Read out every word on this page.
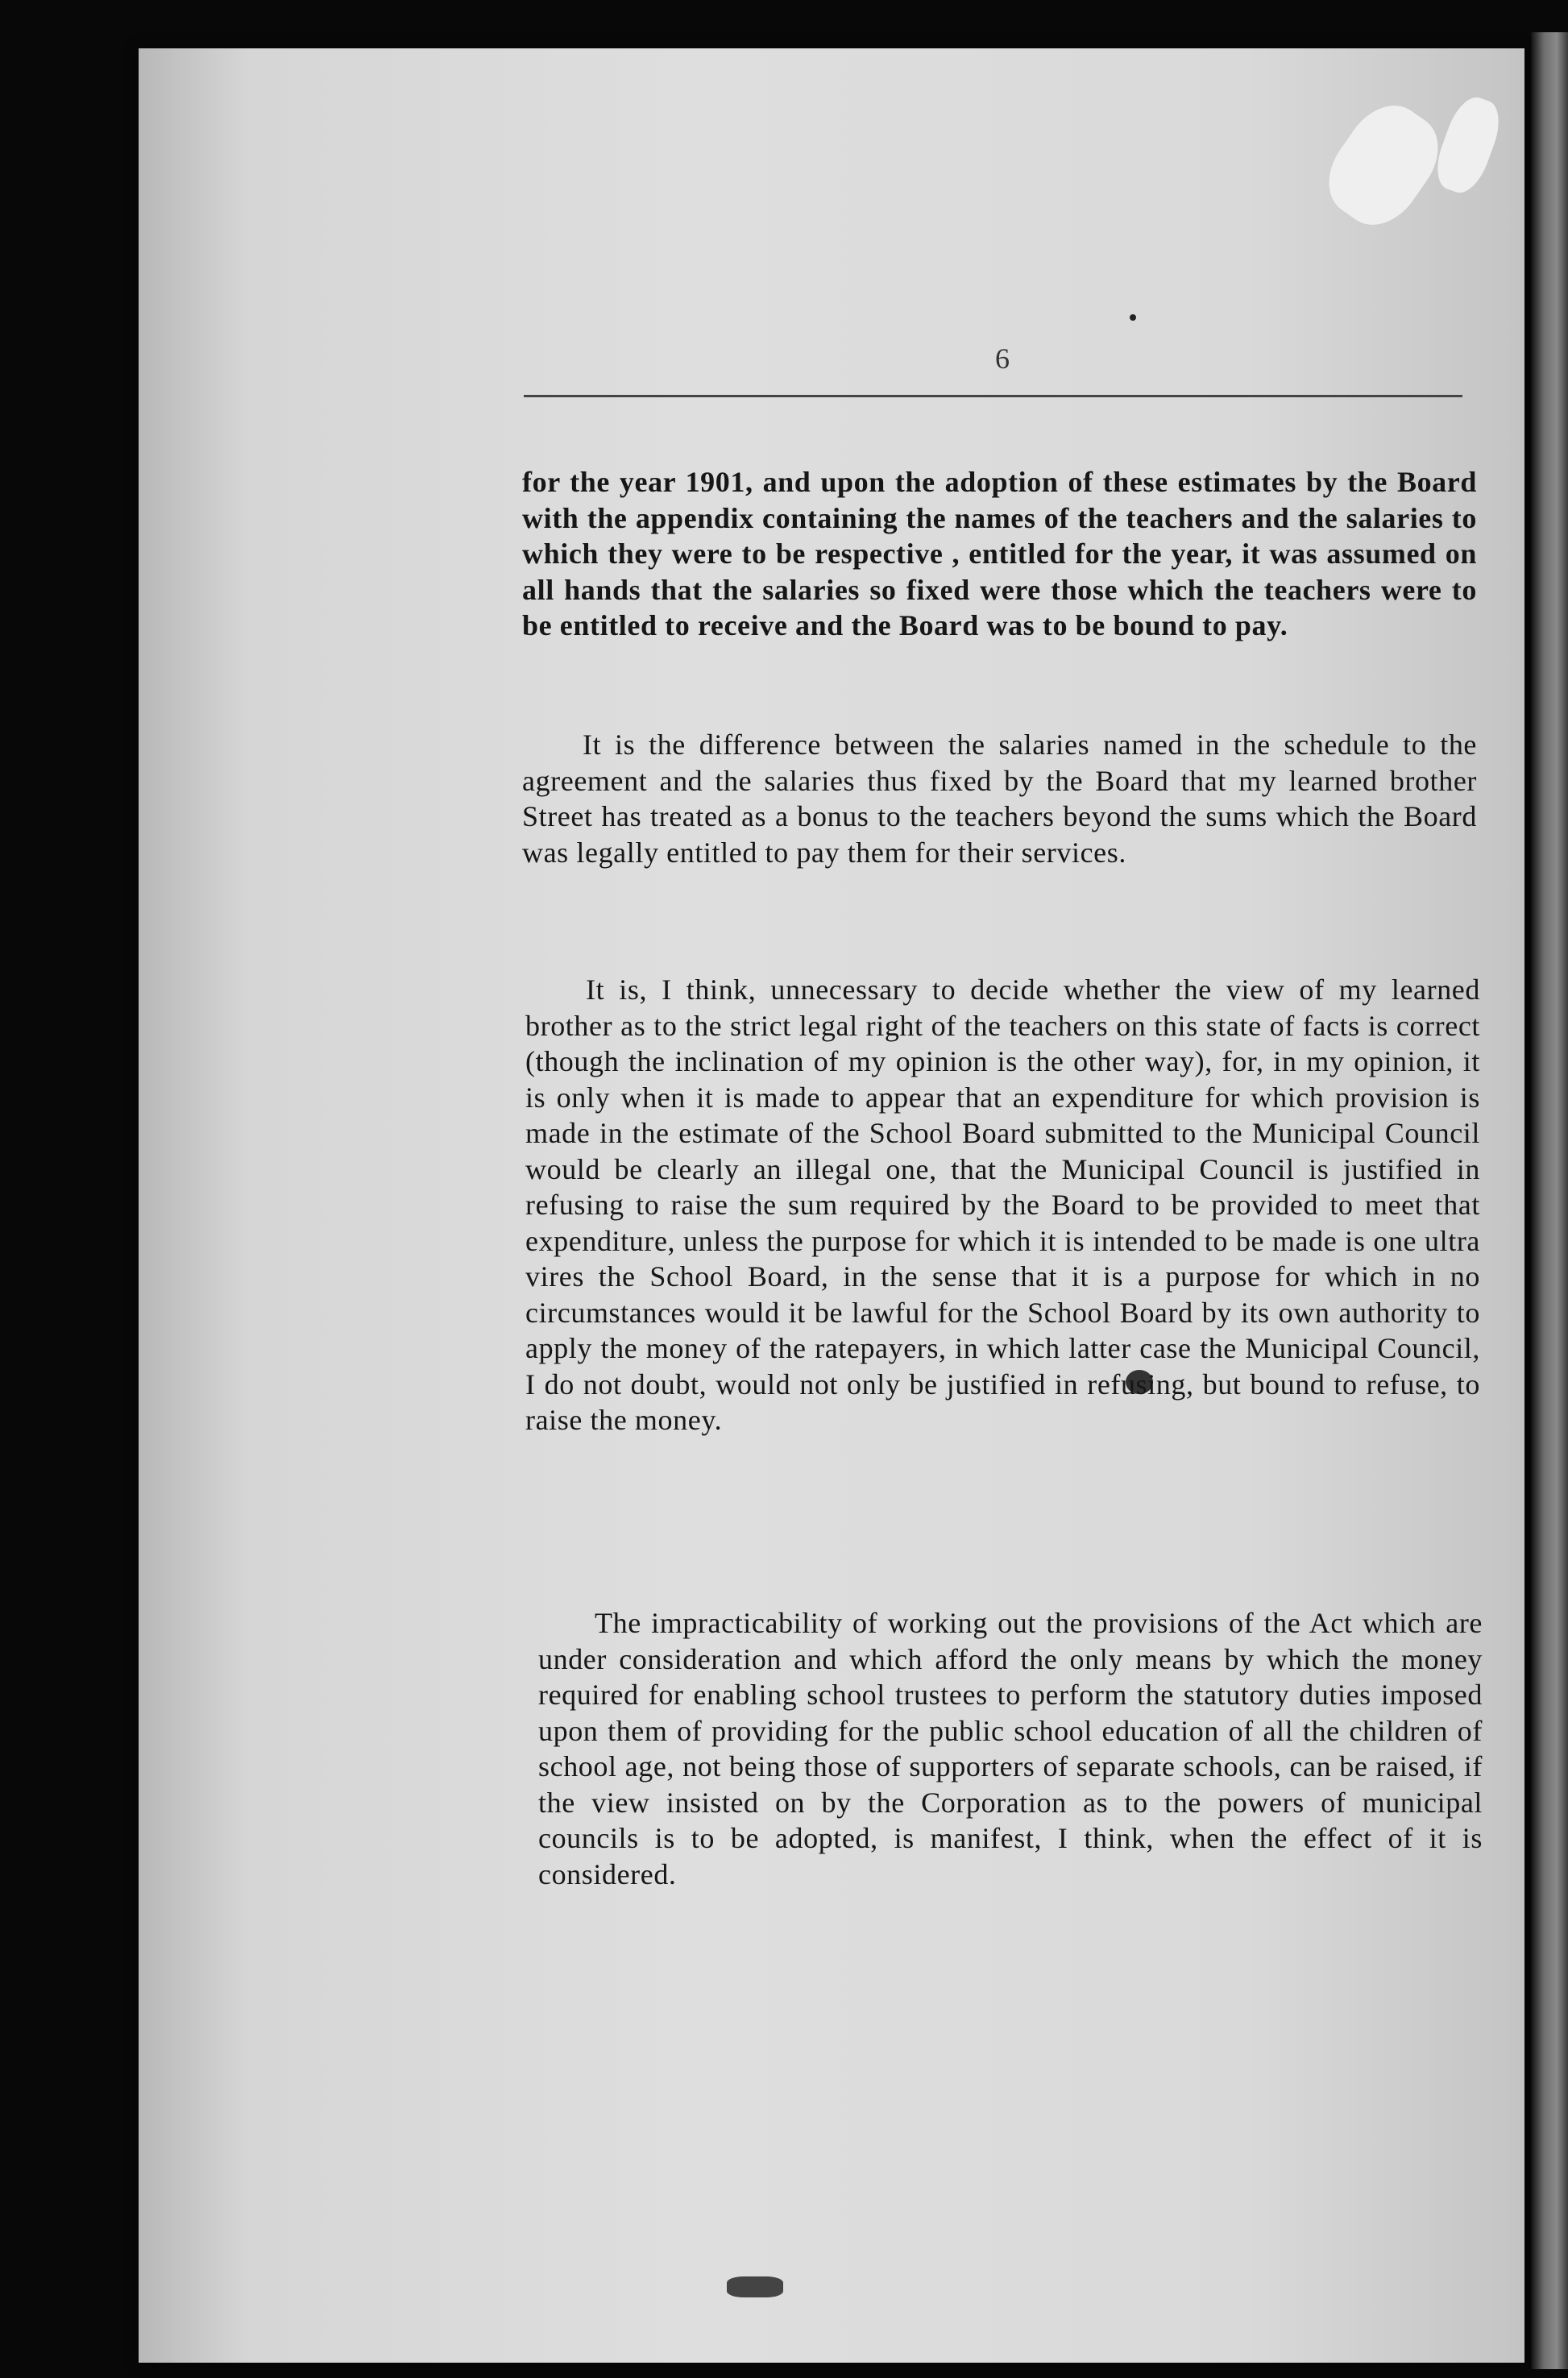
6

for the year 1901, and upon the adoption of these estimates by the Board with the appendix containing the names of the teachers and the salaries to which they were to be respective , entitled for the year, it was assumed on all hands that the salaries so fixed were those which the teachers were to be entitled to receive and the Board was to be bound to pay.

It is the difference between the salaries named in the schedule to the agreement and the salaries thus fixed by the Board that my learned brother Street has treated as a bonus to the teachers beyond the sums which the Board was legally entitled to pay them for their services.

It is, I think, unnecessary to decide whether the view of my learned brother as to the strict legal right of the teachers on this state of facts is correct (though the inclination of my opinion is the other way), for, in my opinion, it is only when it is made to appear that an expenditure for which provision is made in the estimate of the School Board submitted to the Municipal Council would be clearly an illegal one, that the Municipal Council is justified in refusing to raise the sum required by the Board to be provided to meet that expenditure, unless the purpose for which it is intended to be made is one ultra vires the School Board, in the sense that it is a purpose for which in no circumstances would it be lawful for the School Board by its own authority to apply the money of the ratepayers, in which latter case the Municipal Council, I do not doubt, would not only be justified in refusing, but bound to refuse, to raise the money.

The impracticability of working out the provisions of the Act which are under consideration and which afford the only means by which the money required for enabling school trustees to perform the statutory duties imposed upon them of providing for the public school education of all the children of school age, not being those of supporters of separate schools, can be raised, if the view insisted on by the Corporation as to the powers of municipal councils is to be adopted, is manifest, I think, when the effect of it is considered.
